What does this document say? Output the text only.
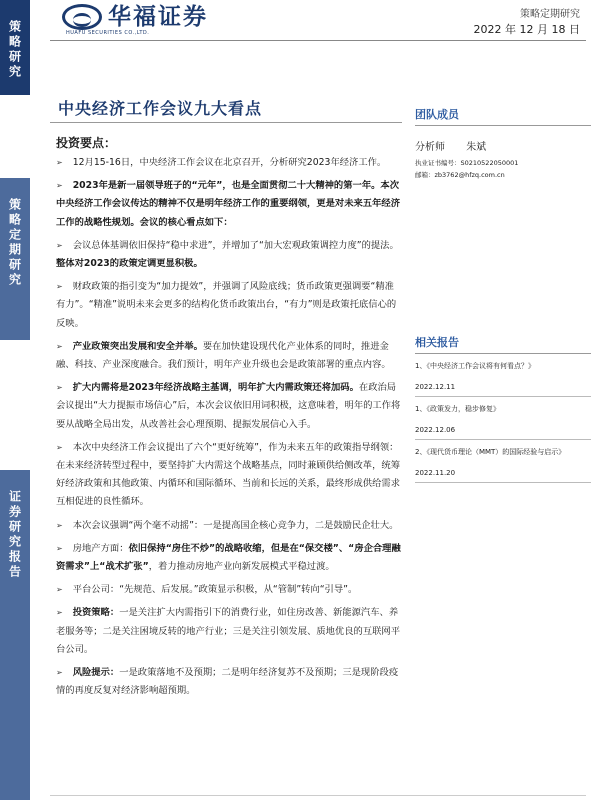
策略研究
策略定期研究
证券研究报告
华福证券
HUAFU SECURITIES CO.,LTD.
策略定期研究
2022 年 12 月 18 日
中央经济工作会议九大看点	团队成员
分析师 朱斌
执业证书编号：S0210522050001
邮箱：zb3762@hfzq.com.cn
相关报告
1、《中央经济工作会议将有何看点？》
2022.12.11
1、《政策发力，稳步修复》
2022.12.06
2、《现代货币理论（MMT）的国际经验与启示》
2022.11.20
投资要点：
➢ 12月15-16日，中央经济工作会议在北京召开，分析研究2023年经济工作。
➢ 2023年是新一届领导班子的“元年”，也是全面贯彻二十大精神的第一年。本次中央经济工作会议传达的精神不仅是明年经济工作的重要纲领，更是对未来五年经济工作的战略性规划。会议的核心看点如下：
➢ 会议总体基调依旧保持“稳中求进”，并增加了“加大宏观政策调控力度”的提法。整体对2023的政策定调更显积极。
➢ 财政政策的指引变为“加力提效”，并强调了风险底线；货币政策更强调要“精准有力”。“精准”说明未来会更多的结构化货币政策出台，“有力”则是政策托底信心的反映。
➢ 产业政策突出发展和安全并举。要在加快建设现代化产业体系的同时，推进金融、科技、产业深度融合。我们预计，明年产业升级也会是政策部署的重点内容。
➢ 扩大内需将是2023年经济战略主基调，明年扩大内需政策还将加码。在政治局会议提出“大力提振市场信心”后，本次会议依旧用词积极，这意味着，明年的工作将要从战略全局出发，从改善社会心理预期、提振发展信心入手。
➢ 本次中央经济工作会议提出了六个“更好统筹”，作为未来五年的政策指导纲领：在未来经济转型过程中，要坚持扩大内需这个战略基点，同时兼顾供给侧改革，统筹好经济政策和其他政策、内循环和国际循环、当前和长远的关系，最终形成供给需求互相促进的良性循环。
➢ 本次会议强调“两个毫不动摇”：一是提高国企核心竞争力，二是鼓励民企壮大。
➢ 房地产方面：依旧保持“房住不炒”的战略收缩，但是在“保交楼”、“房企合理融资需求”上“战术扩张”，着力推动房地产业向新发展模式平稳过渡。
➢ 平台公司：“先规范、后发展。”政策显示积极，从“管制”转向“引导”。
➢ 投资策略：一是关注扩大内需指引下的消费行业，如住房改善、新能源汽车、养老服务等；二是关注困境反转的地产行业；三是关注引领发展、质地优良的互联网平台公司。
➢ 风险提示：一是政策落地不及预期；二是明年经济复苏不及预期；三是现阶段疫情的再度反复对经济影响超预期。
